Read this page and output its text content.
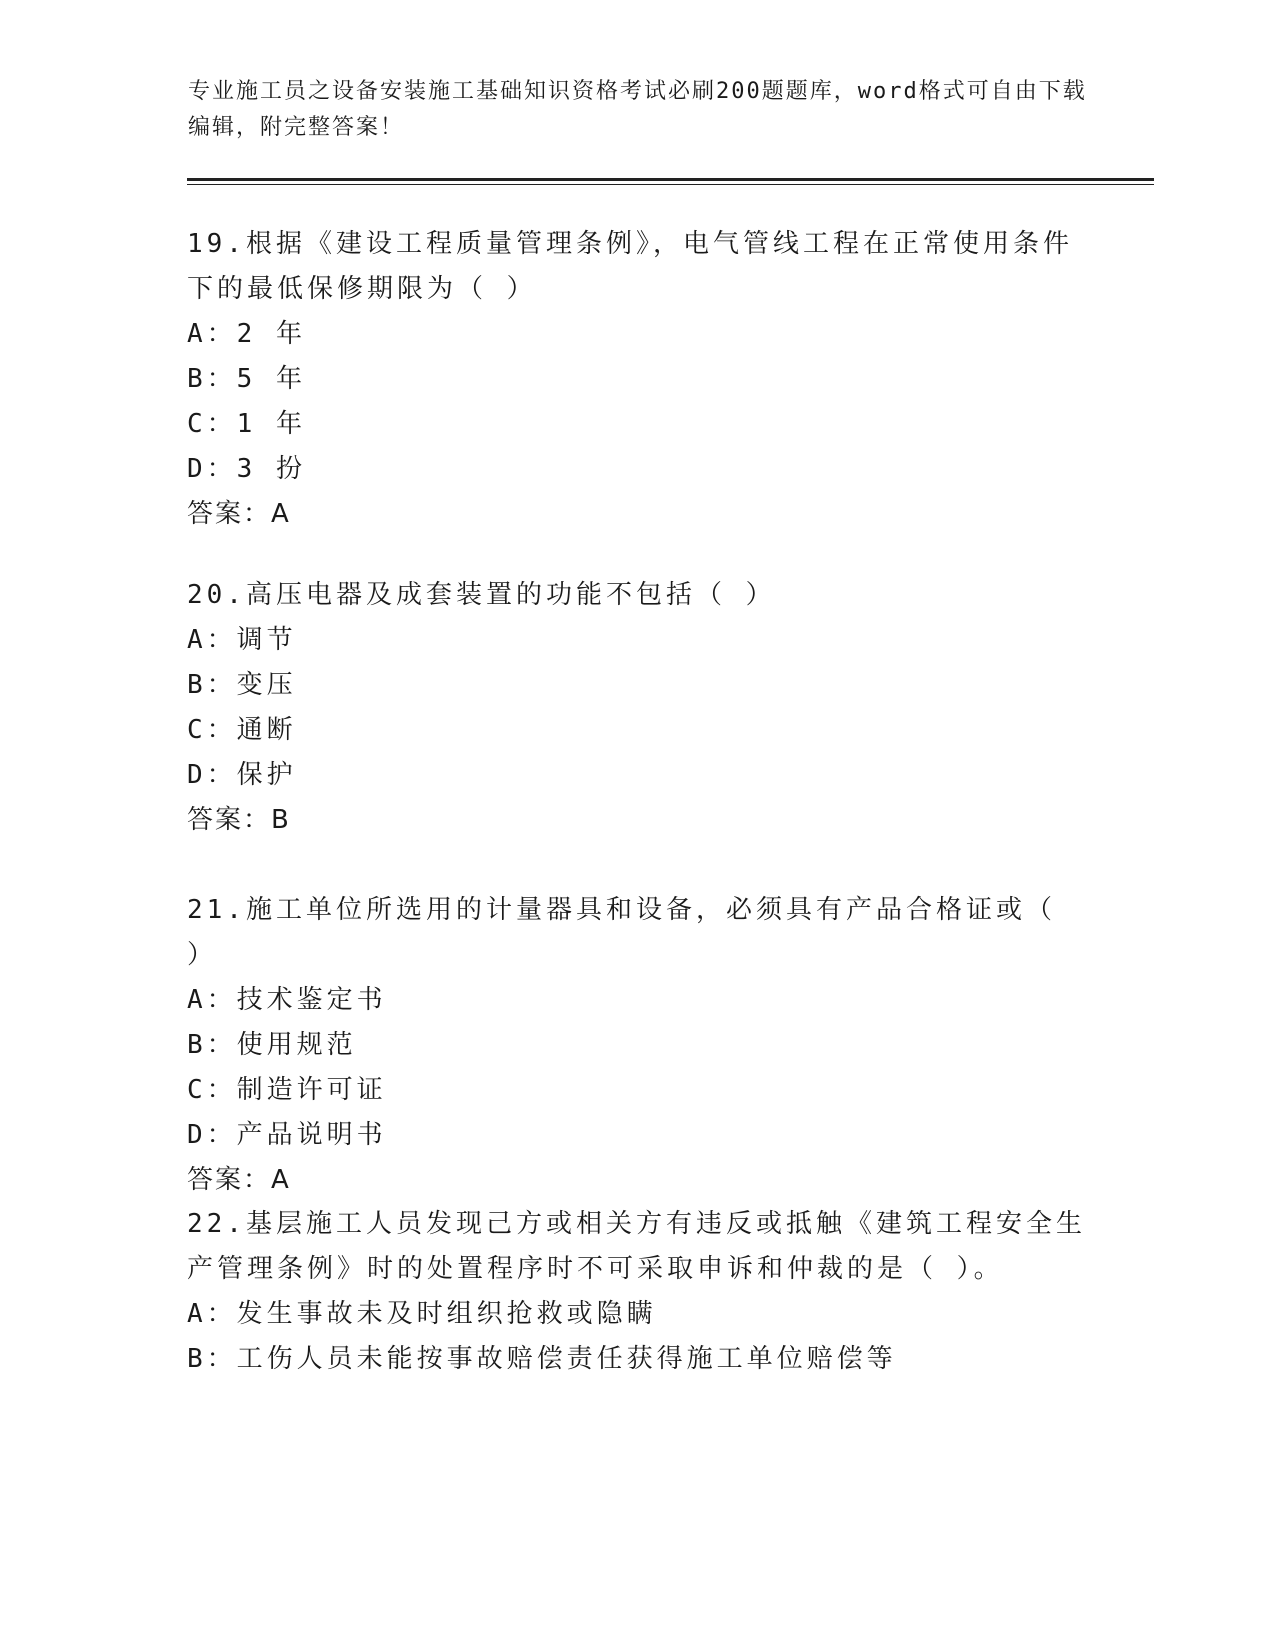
专业施工员之设备安装施工基础知识资格考试必刷200题题库，word格式可自由下载编辑，附完整答案！

19.根据《建设工程质量管理条例》，电气管线工程在正常使用条件下的最低保修期限为（ ）

A：2 年

B：5 年

C：1 年

D：3 扮

答案：A

20.高压电器及成套装置的功能不包括（ ）

A：调节

B：变压

C：通断

D：保护

答案：B

21.施工单位所选用的计量器具和设备，必须具有产品合格证或（ ）

A：技术鉴定书

B：使用规范

C：制造许可证

D：产品说明书

答案：A

22.基层施工人员发现己方或相关方有违反或抵触《建筑工程安全生产管理条例》时的处置程序时不可采取申诉和仲裁的是（ ）。

A：发生事故未及时组织抢救或隐瞒

B：工伤人员未能按事故赔偿责任获得施工单位赔偿等
